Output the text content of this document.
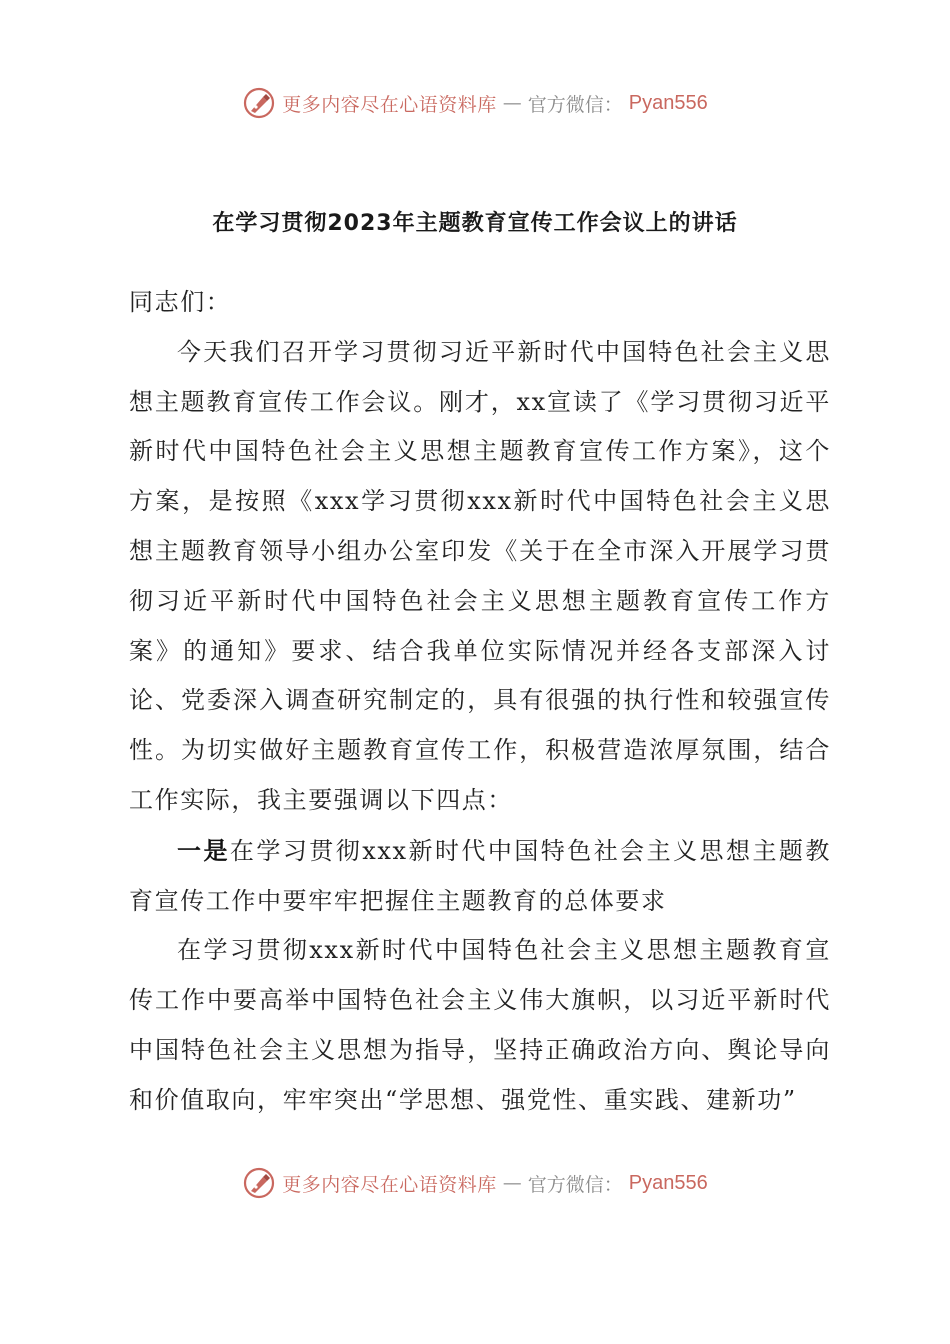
更多内容尽在心语资料库 — 官方微信： Pyan556
在学习贯彻2023年主题教育宣传工作会议上的讲话

同志们：

今天我们召开学习贯彻习近平新时代中国特色社会主义思想主题教育宣传工作会议。刚才，xx宣读了《学习贯彻习近平新时代中国特色社会主义思想主题教育宣传工作方案》，这个方案，是按照《xxx学习贯彻xxx新时代中国特色社会主义思想主题教育领导小组办公室印发《关于在全市深入开展学习贯彻习近平新时代中国特色社会主义思想主题教育宣传工作方案》的通知》要求、结合我单位实际情况并经各支部深入讨论、党委深入调查研究制定的，具有很强的执行性和较强宣传性。为切实做好主题教育宣传工作，积极营造浓厚氛围，结合工作实际，我主要强调以下四点：

一是在学习贯彻xxx新时代中国特色社会主义思想主题教育宣传工作中要牢牢把握住主题教育的总体要求

在学习贯彻xxx新时代中国特色社会主义思想主题教育宣传工作中要高举中国特色社会主义伟大旗帜，以习近平新时代中国特色社会主义思想为指导，坚持正确政治方向、舆论导向和价值取向，牢牢突出“学思想、强党性、重实践、建新功”

更多内容尽在心语资料库 — 官方微信： Pyan556
